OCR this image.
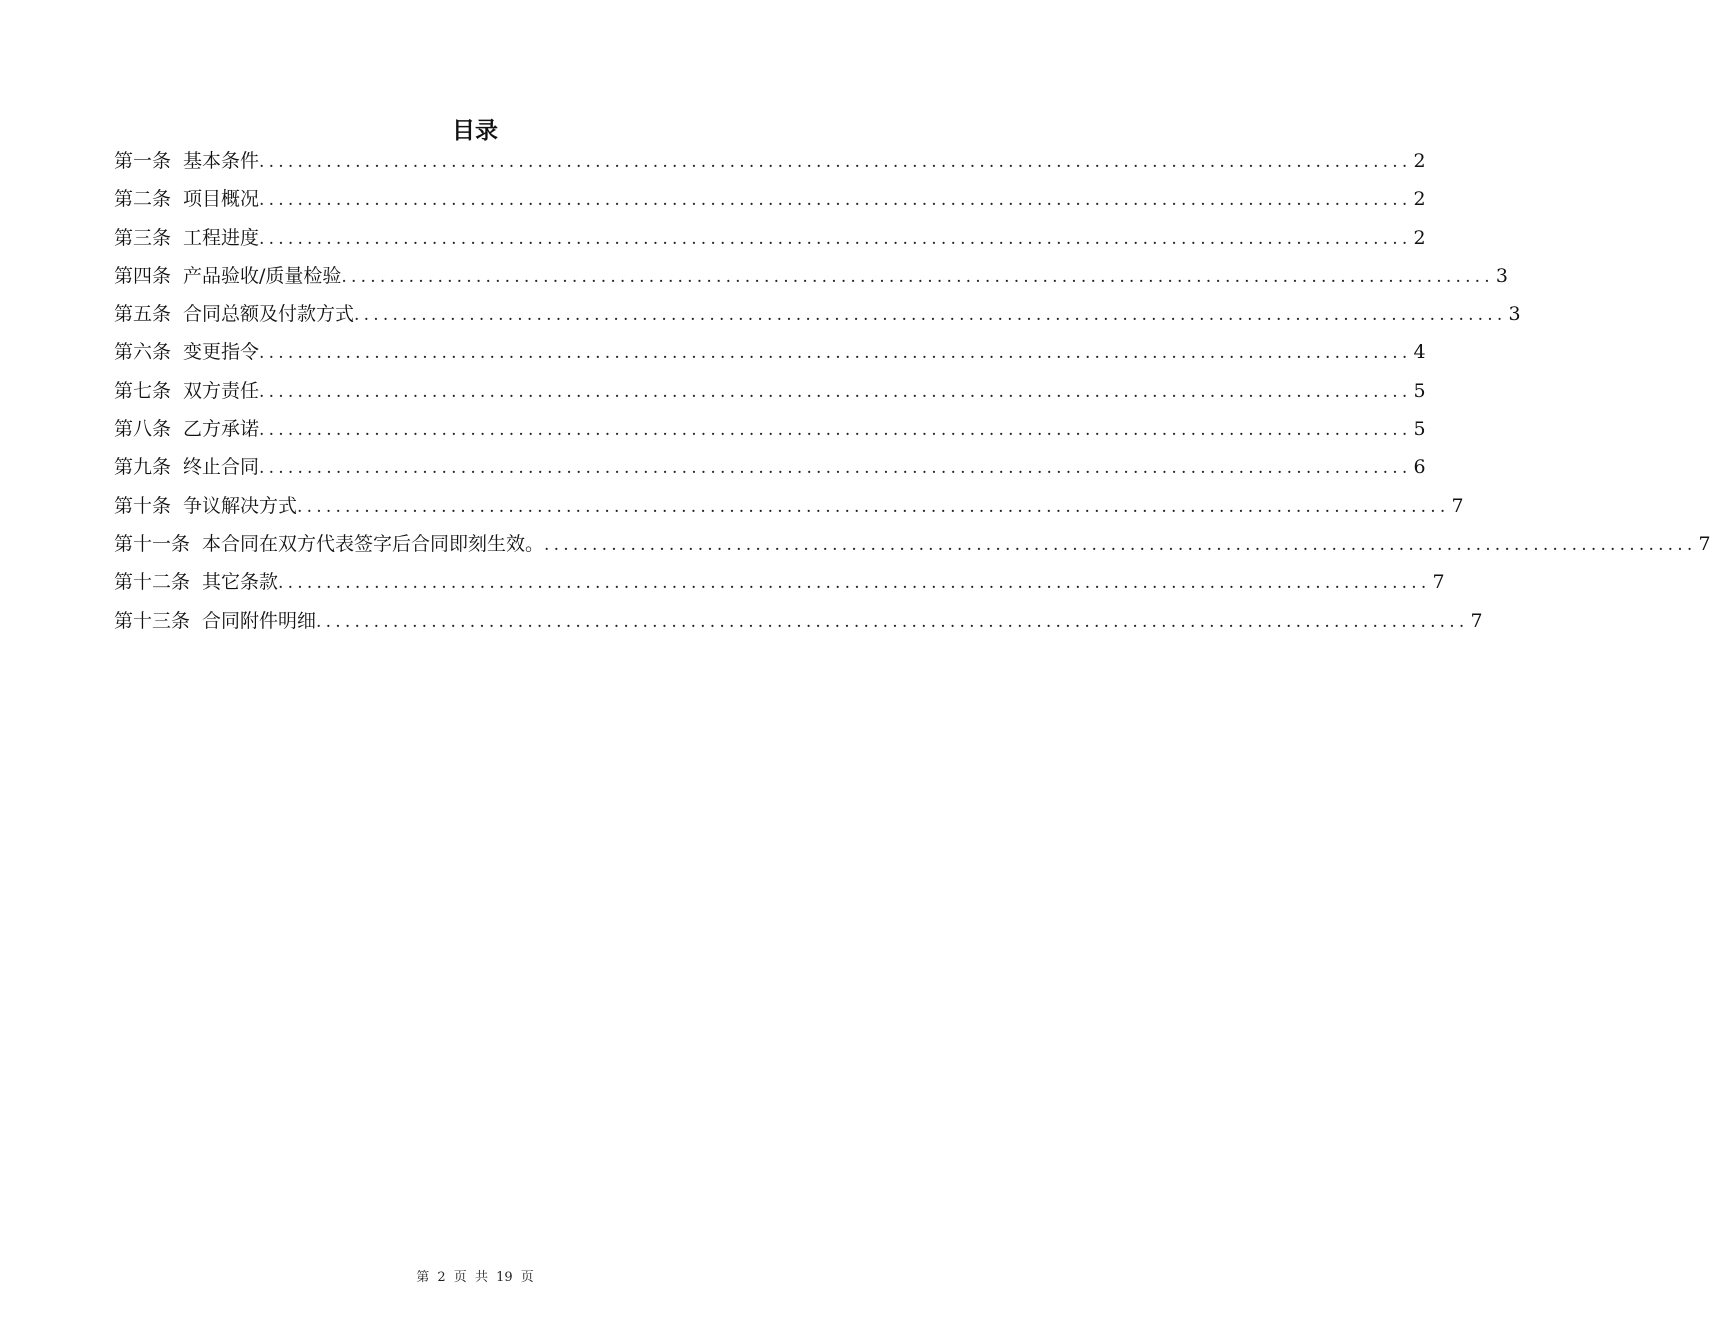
目录
第一条 基本条件 ........................................................................................................................ 2
第二条 项目概况 ........................................................................................................................ 2
第三条 工程进度 ........................................................................................................................ 2
第四条 产品验收/质量检验 ........................................................................................................................ 3
第五条 合同总额及付款方式 ........................................................................................................................ 3
第六条 变更指令 ........................................................................................................................ 4
第七条 双方责任 ........................................................................................................................ 5
第八条 乙方承诺 ........................................................................................................................ 5
第九条 终止合同 ........................................................................................................................ 6
第十条 争议解决方式 ........................................................................................................................ 7
第十一条 本合同在双方代表签字后合同即刻生效。 ........................................................................................................................ 7
第十二条 其它条款 ........................................................................................................................ 7
第十三条 合同附件明细 ........................................................................................................................ 7
第 2 页 共 19 页
